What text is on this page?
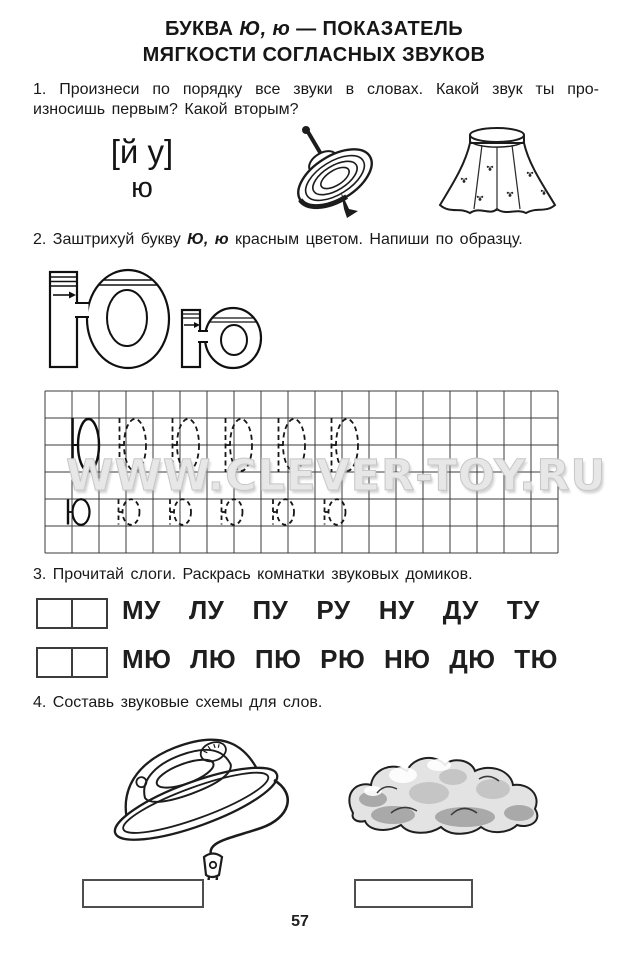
БУКВА Ю, ю — ПОКАЗАТЕЛЬ
МЯГКОСТИ СОГЛАСНЫХ ЗВУКОВ
1. Произнеси по порядку все звуки в словах. Какой звук ты про-
износишь первым? Какой вторым?
[й у]
ю
2. Заштрихуй букву Ю, ю красным цветом. Напиши по образцу.
WWW.CLEVER-TOY.RU
3. Прочитай слоги. Раскрась комнатки звуковых домиков.
МУ ЛУ ПУ РУ НУ ДУ ТУ
МЮ ЛЮ ПЮ РЮ НЮ ДЮ ТЮ
4. Составь звуковые схемы для слов.
57
